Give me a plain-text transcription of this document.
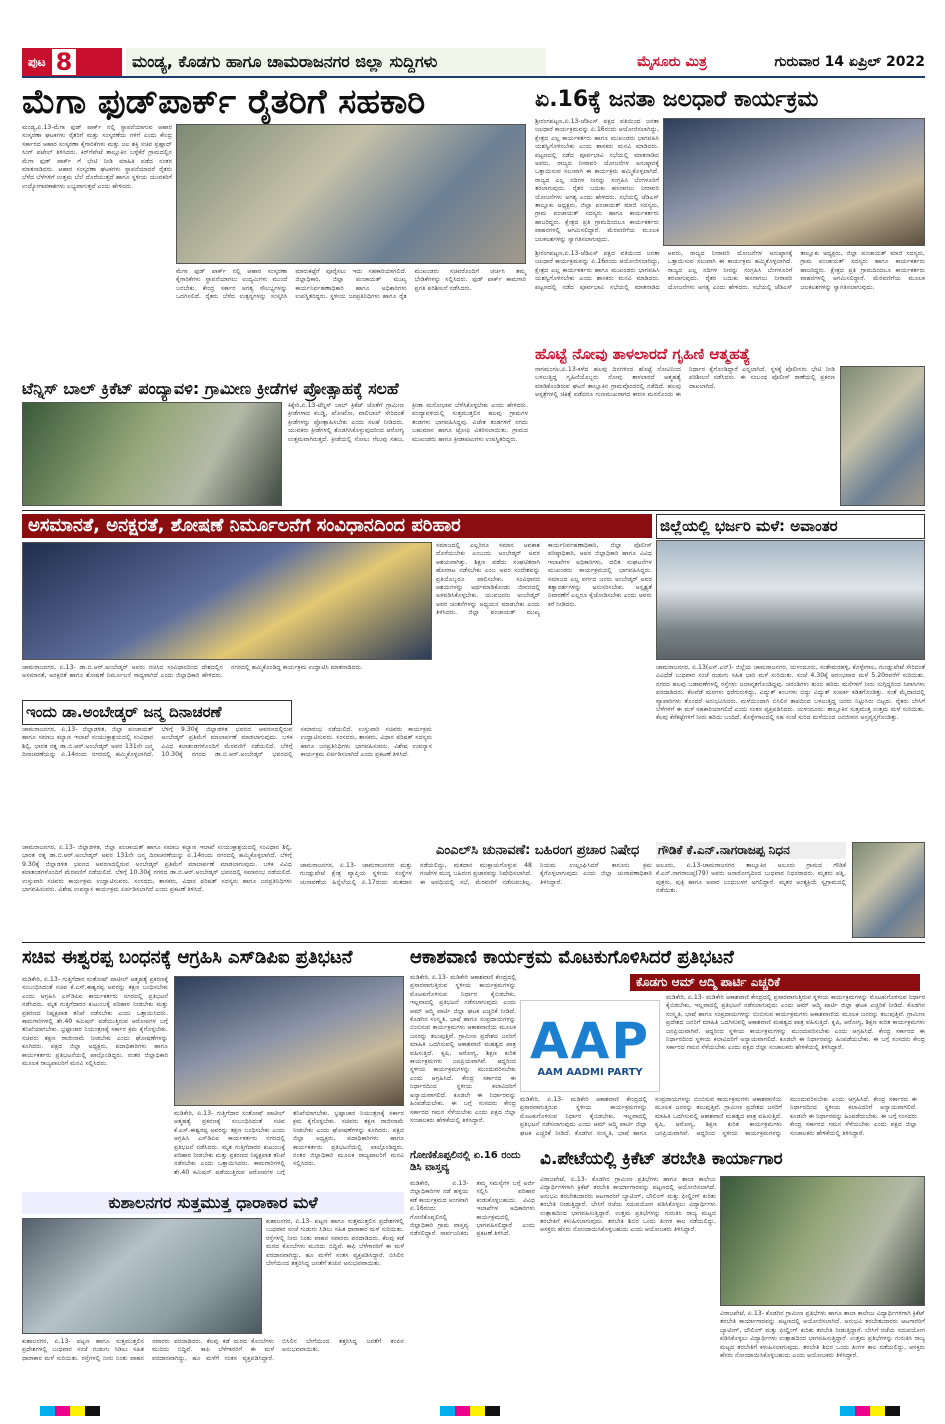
ಪುಟ 8	ಮಂಡ್ಯ, ಕೊಡಗು ಹಾಗೂ ಚಾಮರಾಜನಗರ ಜಿಲ್ಲಾ ಸುದ್ದಿಗಳು	ಮೈಸೂರು ಮಿತ್ರ	ಗುರುವಾರ 14 ಏಪ್ರಿಲ್ 2022
ಮೆಗಾ ಫುಡ್‌ಪಾರ್ಕ್ ರೈತರಿಗೆ ಸಹಕಾರಿ
ಮಂಡ್ಯ,ಏ.13-ಮೆಗಾ ಫುಡ್ ಪಾರ್ಕ್ ನಲ್ಲಿ ಸ್ಥಾಪನೆಯಾಗುವ ಆಹಾರ ಸಂಸ್ಕರಣಾ ಘಟಕಗಳು ರೈತರಿಗೆ ಮತ್ತು ಸಂಸ್ಕರಣೆಯ ಗಳಿಗೆ ಎಂದು ಕೇಂದ್ರ ಸರ್ಕಾರದ ಆಹಾರ ಸಂಸ್ಕರಣಾ ಕೈಗಾರಿಕೆಗಳು ಮತ್ತು ಜಲ ಶಕ್ತಿ ಸಚಿವ ಪ್ರಹ್ಲಾದ್ ಸಿಂಗ್ ಪಟೇಲ್ ತಿಳಿಸಿದರು. ಕಿರ್‌ಗೆಪೇಟೆ ತಾಲ್ಲೂಕಿನ ಬಳ್ಳೆಕೆರೆ ಗ್ರಾಮದಲ್ಲಿನ ಮೆಗಾ ಫುಡ್ ಪಾರ್ಕ್ ಗೆ ಭೇಟಿ ನೀಡಿ ಮಾಹಿತಿ ಪಡೆದ ನಂತರ ಮಾತನಾಡಿದರು. ಆಹಾರ ಸಂಸ್ಕರಣಾ ಘಟಕಗಳು ಸ್ಥಾಪನೆಯಾದರೆ ರೈತರು ಬೆಳೆದ ಬೆಳೆಗಳಿಗೆ ಉತ್ತಮ ಬೆಲೆ ದೊರೆಯುತ್ತದೆ ಹಾಗೂ ಸ್ಥಳೀಯ ಯುವಕರಿಗೆ ಉದ್ಯೋಗಾವಕಾಶಗಳು ಲಭ್ಯವಾಗುತ್ತವೆ ಎಂದು ಹೇಳಿದರು.
ಮೆಗಾ ಫುಡ್ ಪಾರ್ಕ್ ನಲ್ಲಿ ಆಹಾರ ಸಂಸ್ಕರಣಾ ಕೈಗಾರಿಕೆಗಳು ಸ್ಥಾಪನೆಯಾಗಲು ಉದ್ಯಮಿಗಳು ಮುಂದೆ ಬರಬೇಕು. ಕೇಂದ್ರ ಸರ್ಕಾರ ಅಗತ್ಯ ಸೌಲಭ್ಯಗಳನ್ನು ಒದಗಿಸಲಿದೆ. ರೈತರು ಬೆಳೆದ ಉತ್ಪನ್ನಗಳನ್ನು ಸಂಸ್ಕರಿಸಿ ಮಾರುಕಟ್ಟೆಗೆ ಪೂರೈಸಲು ಇದು ಸಹಕಾರಿಯಾಗಲಿದೆ. ಜಿಲ್ಲಾಧಿಕಾರಿ, ಜಿಲ್ಲಾ ಪಂಚಾಯತ್ ಮುಖ್ಯ ಕಾರ್ಯನಿರ್ವಹಣಾಧಿಕಾರಿ ಹಾಗೂ ಅಧಿಕಾರಿಗಳು ಉಪಸ್ಥಿತರಿದ್ದರು. ಸ್ಥಳೀಯ ಜನಪ್ರತಿನಿಧಿಗಳು ಹಾಗೂ ರೈತ ಮುಖಂಡರು ಸಚಿವರೊಂದಿಗೆ ಚರ್ಚಿಸಿ ತಮ್ಮ ಬೇಡಿಕೆಗಳನ್ನು ಸಲ್ಲಿಸಿದರು. ಫುಡ್ ಪಾರ್ಕ್ ಕಾಮಗಾರಿ ಪ್ರಗತಿ ಪರಿಶೀಲನೆ ನಡೆಸಿದರು.
ಏ.16ಕ್ಕೆ ಜನತಾ ಜಲಧಾರೆ ಕಾರ್ಯಕ್ರಮ
ಶ್ರೀರಂಗಪಟ್ಟಣ,ಏ.13-ಜೆಡಿಎಸ್ ಪಕ್ಷದ ವತಿಯಿಂದ ಜನತಾ ಜಲಧಾರೆ ಕಾರ್ಯಕ್ರಮವನ್ನು ಏ.16ರಂದು ಆಯೋಜಿಸಲಾಗಿದ್ದು, ಕ್ಷೇತ್ರದ ಎಲ್ಲ ಕಾರ್ಯಕರ್ತರು ಹಾಗೂ ಮುಖಂಡರು ಭಾಗವಹಿಸಿ ಯಶಸ್ವಿಗೊಳಿಸಬೇಕು ಎಂದು ಶಾಸಕರು ಮನವಿ ಮಾಡಿದರು. ಪಟ್ಟಣದಲ್ಲಿ ನಡೆದ ಪೂರ್ವಭಾವಿ ಸಭೆಯಲ್ಲಿ ಮಾತನಾಡಿದ ಅವರು, ರಾಜ್ಯದ ನೀರಾವರಿ ಯೋಜನೆಗಳ ಅನುಷ್ಠಾನಕ್ಕೆ ಒತ್ತಾಯಿಸುವ ಸಲುವಾಗಿ ಈ ಕಾರ್ಯಕ್ರಮ ಹಮ್ಮಿಕೊಳ್ಳಲಾಗಿದೆ. ರಾಜ್ಯದ ಎಲ್ಲ ನದಿಗಳ ನೀರನ್ನು ಸಂಗ್ರಹಿಸಿ ಬೆಂಗಳೂರಿಗೆ ತರಲಾಗುವುದು. ರೈತರ ಬದುಕು ಹಸನಾಗಲು ನೀರಾವರಿ ಯೋಜನೆಗಳು ಅಗತ್ಯ ಎಂದು ಹೇಳಿದರು. ಸಭೆಯಲ್ಲಿ ಜೆಡಿಎಸ್ ತಾಲ್ಲೂಕು ಅಧ್ಯಕ್ಷರು, ಜಿಲ್ಲಾ ಪಂಚಾಯತ್ ಮಾಜಿ ಸದಸ್ಯರು, ಗ್ರಾಮ ಪಂಚಾಯತ್ ಸದಸ್ಯರು ಹಾಗೂ ಕಾರ್ಯಕರ್ತರು ಹಾಜರಿದ್ದರು. ಕ್ಷೇತ್ರದ ಪ್ರತಿ ಗ್ರಾಮದಿಂದಲೂ ಕಾರ್ಯಕರ್ತರು ವಾಹನಗಳಲ್ಲಿ ಆಗಮಿಸಲಿದ್ದಾರೆ. ಮೆರವಣಿಗೆಯ ಮೂಲಕ ಜಲಕಲಶಗಳನ್ನು ಸ್ವಾಗತಿಸಲಾಗುವುದು.
ಶ್ರೀರಂಗಪಟ್ಟಣ,ಏ.13-ಜೆಡಿಎಸ್ ಪಕ್ಷದ ವತಿಯಿಂದ ಜನತಾ ಜಲಧಾರೆ ಕಾರ್ಯಕ್ರಮವನ್ನು ಏ.16ರಂದು ಆಯೋಜಿಸಲಾಗಿದ್ದು, ಕ್ಷೇತ್ರದ ಎಲ್ಲ ಕಾರ್ಯಕರ್ತರು ಹಾಗೂ ಮುಖಂಡರು ಭಾಗವಹಿಸಿ ಯಶಸ್ವಿಗೊಳಿಸಬೇಕು ಎಂದು ಶಾಸಕರು ಮನವಿ ಮಾಡಿದರು. ಪಟ್ಟಣದಲ್ಲಿ ನಡೆದ ಪೂರ್ವಭಾವಿ ಸಭೆಯಲ್ಲಿ ಮಾತನಾಡಿದ ಅವರು, ರಾಜ್ಯದ ನೀರಾವರಿ ಯೋಜನೆಗಳ ಅನುಷ್ಠಾನಕ್ಕೆ ಒತ್ತಾಯಿಸುವ ಸಲುವಾಗಿ ಈ ಕಾರ್ಯಕ್ರಮ ಹಮ್ಮಿಕೊಳ್ಳಲಾಗಿದೆ. ರಾಜ್ಯದ ಎಲ್ಲ ನದಿಗಳ ನೀರನ್ನು ಸಂಗ್ರಹಿಸಿ ಬೆಂಗಳೂರಿಗೆ ತರಲಾಗುವುದು. ರೈತರ ಬದುಕು ಹಸನಾಗಲು ನೀರಾವರಿ ಯೋಜನೆಗಳು ಅಗತ್ಯ ಎಂದು ಹೇಳಿದರು. ಸಭೆಯಲ್ಲಿ ಜೆಡಿಎಸ್ ತಾಲ್ಲೂಕು ಅಧ್ಯಕ್ಷರು, ಜಿಲ್ಲಾ ಪಂಚಾಯತ್ ಮಾಜಿ ಸದಸ್ಯರು, ಗ್ರಾಮ ಪಂಚಾಯತ್ ಸದಸ್ಯರು ಹಾಗೂ ಕಾರ್ಯಕರ್ತರು ಹಾಜರಿದ್ದರು. ಕ್ಷೇತ್ರದ ಪ್ರತಿ ಗ್ರಾಮದಿಂದಲೂ ಕಾರ್ಯಕರ್ತರು ವಾಹನಗಳಲ್ಲಿ ಆಗಮಿಸಲಿದ್ದಾರೆ. ಮೆರವಣಿಗೆಯ ಮೂಲಕ ಜಲಕಲಶಗಳನ್ನು ಸ್ವಾಗತಿಸಲಾಗುವುದು.
ಹೊಟ್ಟೆ ನೋವು ತಾಳಲಾರದೆ ಗೃಹಿಣಿ ಆತ್ಮಹತ್ಯೆ
ನಾಗಮಂಗಲ,ಏ.13-ಕಳೆದ ಹಲವು ದಿನಗಳಿಂದ ಹೊಟ್ಟೆ ನೋವಿನಿಂದ ಬಳಲುತ್ತಿದ್ದ ಗೃಹಿಣಿಯೊಬ್ಬರು ನೋವು ತಾಳಲಾರದೆ ಆತ್ಮಹತ್ಯೆ ಮಾಡಿಕೊಂಡಿರುವ ಘಟನೆ ತಾಲ್ಲೂಕಿನ ಗ್ರಾಮವೊಂದರಲ್ಲಿ ನಡೆದಿದೆ. ಹಲವು ಆಸ್ಪತ್ರೆಗಳಲ್ಲಿ ಚಿಕಿತ್ಸೆ ಪಡೆದರೂ ಗುಣಮುಖರಾಗದ ಕಾರಣ ಮನನೊಂದು ಈ ನಿರ್ಧಾರ ಕೈಗೊಂಡಿದ್ದಾರೆ ಎನ್ನಲಾಗಿದೆ. ಸ್ಥಳಕ್ಕೆ ಪೊಲೀಸರು ಭೇಟಿ ನೀಡಿ ಪರಿಶೀಲನೆ ನಡೆಸಿದರು. ಈ ಸಂಬಂಧ ಪೊಲೀಸ್ ಠಾಣೆಯಲ್ಲಿ ಪ್ರಕರಣ ದಾಖಲಾಗಿದೆ.
ಟೆನ್ನಿಸ್ ಬಾಲ್ ಕ್ರಿಕೆಟ್ ಪಂದ್ಯಾವಳಿ: ಗ್ರಾಮೀಣ ಕ್ರೀಡೆಗಳ ಪ್ರೋತ್ಸಾಹಕ್ಕೆ ಸಲಹೆ
ಕಿಕ್ಕೇರಿ,ಏ.13-ಟೆನ್ನಿಸ್ ಬಾಲ್ ಕ್ರಿಕೆಟ್ ಜೊತೆಗೆ ಗ್ರಾಮೀಣ ಕ್ರೀಡೆಗಳಾದ ಕಬಡ್ಡಿ, ಖೋಖೋ, ವಾಲಿಬಾಲ್ ಸೇರಿದಂತೆ ಕ್ರೀಡೆಗಳನ್ನು ಪ್ರೋತ್ಸಾಹಿಸಬೇಕು ಎಂದು ಸಲಹೆ ನೀಡಿದರು. ಯುವಕರು ಕ್ರೀಡೆಗಳಲ್ಲಿ ತೊಡಗಿಸಿಕೊಳ್ಳುವುದರಿಂದ ಆರೋಗ್ಯ ಉತ್ತಮವಾಗಿರುತ್ತದೆ. ಕ್ರೀಡೆಯಲ್ಲಿ ಸೋಲು ಗೆಲುವು ಸಹಜ, ಕ್ರೀಡಾ ಮನೋಭಾವ ಬೆಳೆಸಿಕೊಳ್ಳಬೇಕು ಎಂದು ಹೇಳಿದರು. ಪಂದ್ಯಾವಳಿಯಲ್ಲಿ ಸುತ್ತಮುತ್ತಲಿನ ಹಲವು ಗ್ರಾಮಗಳ ತಂಡಗಳು ಭಾಗವಹಿಸಿದ್ದವು. ವಿಜೇತ ತಂಡಗಳಿಗೆ ನಗದು ಬಹುಮಾನ ಹಾಗೂ ಟ್ರೋಫಿ ವಿತರಿಸಲಾಯಿತು. ಗ್ರಾಮದ ಮುಖಂಡರು ಹಾಗೂ ಕ್ರೀಡಾಪಟುಗಳು ಉಪಸ್ಥಿತರಿದ್ದರು.
ಅಸಮಾನತೆ, ಅನಕ್ಷರತೆ, ಶೋಷಣೆ ನಿರ್ಮೂಲನೆಗೆ ಸಂವಿಧಾನದಿಂದ ಪರಿಹಾರ
ಚಾಮರಾಜನಗರ, ಏ.13- ಡಾ.ಬಿ.ಆರ್.ಅಂಬೇಡ್ಕರ್ ಅವರು ರಚಿಸಿದ ಸಂವಿಧಾನದಿಂದ ದೇಶದಲ್ಲಿನ ಅಸಮಾನತೆ, ಅನಕ್ಷರತೆ ಹಾಗೂ ಶೋಷಣೆ ನಿರ್ಮೂಲನೆ ಸಾಧ್ಯವಾಗಿದೆ ಎಂದು ಜಿಲ್ಲಾಧಿಕಾರಿ ಹೇಳಿದರು. ನಗರದಲ್ಲಿ ಹಮ್ಮಿಕೊಂಡಿದ್ದ ಕಾರ್ಯಕ್ರಮ ಉದ್ಘಾಟಿಸಿ ಮಾತನಾಡಿದರು.
ಸಮಾಜದಲ್ಲಿ ಎಲ್ಲರಿಗೂ ಸಮಾನ ಅವಕಾಶ ದೊರೆಯಬೇಕು ಎಂಬುದು ಅಂಬೇಡ್ಕರ್ ಅವರ ಆಶಯವಾಗಿತ್ತು. ಶಿಕ್ಷಣ ಪಡೆದು ಸಂಘಟಿತರಾಗಿ ಹೋರಾಟ ನಡೆಸಬೇಕು ಎಂಬ ಅವರ ಸಂದೇಶವನ್ನು ಪ್ರತಿಯೊಬ್ಬರೂ ಪಾಲಿಸಬೇಕು. ಸಂವಿಧಾನದ ಆಶಯಗಳನ್ನು ಅರ್ಥಮಾಡಿಕೊಂಡು ಜೀವನದಲ್ಲಿ ಅಳವಡಿಸಿಕೊಳ್ಳಬೇಕು. ಯುವಜನರು ಅಂಬೇಡ್ಕರ್ ಅವರ ಚಿಂತನೆಗಳನ್ನು ಅಧ್ಯಯನ ಮಾಡಬೇಕು ಎಂದು ತಿಳಿಸಿದರು. ಜಿಲ್ಲಾ ಪಂಚಾಯತ್ ಮುಖ್ಯ ಕಾರ್ಯನಿರ್ವಹಣಾಧಿಕಾರಿ, ಜಿಲ್ಲಾ ಪೊಲೀಸ್ ವರಿಷ್ಠಾಧಿಕಾರಿ, ಅಪರ ಜಿಲ್ಲಾಧಿಕಾರಿ ಹಾಗೂ ವಿವಿಧ ಇಲಾಖೆಗಳ ಅಧಿಕಾರಿಗಳು, ದಲಿತ ಸಂಘಟನೆಗಳ ಮುಖಂಡರು ಕಾರ್ಯಕ್ರಮದಲ್ಲಿ ಭಾಗವಹಿಸಿದ್ದರು. ಸಮಾಜದ ಎಲ್ಲ ವರ್ಗದ ಜನರು ಅಂಬೇಡ್ಕರ್ ಅವರ ತತ್ವಾದರ್ಶಗಳನ್ನು ಅನುಸರಿಸಬೇಕು. ಅಸ್ಪೃಶ್ಯತೆ ನಿವಾರಣೆಗೆ ಎಲ್ಲರೂ ಕೈಜೋಡಿಸಬೇಕು ಎಂದು ಅವರು ಕರೆ ನೀಡಿದರು.
ಇಂದು ಡಾ.ಅಂಬೇಡ್ಕರ್ ಜನ್ಮ ದಿನಾಚರಣೆ
ಚಾಮರಾಜನಗರ, ಏ.13- ಜಿಲ್ಲಾಡಳಿತ, ಜಿಲ್ಲಾ ಪಂಚಾಯತ್ ಹಾಗೂ ಸಮಾಜ ಕಲ್ಯಾಣ ಇಲಾಖೆ ಸಂಯುಕ್ತಾಶ್ರಯದಲ್ಲಿ ಸಂವಿಧಾನ ಶಿಲ್ಪಿ, ಭಾರತ ರತ್ನ ಡಾ.ಬಿ.ಆರ್.ಅಂಬೇಡ್ಕರ್ ಅವರ 131ನೇ ಜನ್ಮ ದಿನಾಚರಣೆಯನ್ನು ಏ.14ರಂದು ನಗರದಲ್ಲಿ ಹಮ್ಮಿಕೊಳ್ಳಲಾಗಿದೆ. ಬೆಳಿಗ್ಗೆ 9.30ಕ್ಕೆ ಜಿಲ್ಲಾಡಳಿತ ಭವನದ ಆವರಣದಲ್ಲಿರುವ ಅಂಬೇಡ್ಕರ್ ಪ್ರತಿಮೆಗೆ ಮಾಲಾರ್ಪಣೆ ಮಾಡಲಾಗುವುದು. ಬಳಿಕ ವಿವಿಧ ಕಲಾತಂಡಗಳೊಂದಿಗೆ ಮೆರವಣಿಗೆ ನಡೆಯಲಿದೆ. ಬೆಳಿಗ್ಗೆ 10.30ಕ್ಕೆ ನಗರದ ಡಾ.ಬಿ.ಆರ್.ಅಂಬೇಡ್ಕರ್ ಭವನದಲ್ಲಿ ಸಮಾರಂಭ ನಡೆಯಲಿದೆ. ಉಸ್ತುವಾರಿ ಸಚಿವರು ಕಾರ್ಯಕ್ರಮ ಉದ್ಘಾಟಿಸುವರು. ಸಂಸದರು, ಶಾಸಕರು, ವಿಧಾನ ಪರಿಷತ್ ಸದಸ್ಯರು ಹಾಗೂ ಜನಪ್ರತಿನಿಧಿಗಳು ಭಾಗವಹಿಸುವರು. ವಿಶೇಷ ಉಪನ್ಯಾಸ ಕಾರ್ಯಕ್ರಮ ಏರ್ಪಡಿಸಲಾಗಿದೆ ಎಂದು ಪ್ರಕಟಣೆ ತಿಳಿಸಿದೆ.
ಎಂಎಲ್‌ಸಿ ಚುನಾವಣೆ: ಬಹಿರಂಗ ಪ್ರಚಾರ ನಿಷೇಧ
ಚಾಮರಾಜನಗರ, ಏ.13- ಚಾಮರಾಜನಗರ ಮತ್ತು ಗುಂಡ್ಲುಪೇಟೆ ಕ್ಷೇತ್ರ ವ್ಯಾಪ್ತಿಯ ಸ್ಥಳೀಯ ಸಂಸ್ಥೆಗಳ ಚುನಾವಣೆಯ ಹಿನ್ನೆಲೆಯಲ್ಲಿ ಏ.17ರಂದು ಮತದಾನ ನಡೆಯಲಿದ್ದು, ಮತದಾನ ಮುಕ್ತಾಯಗೊಳ್ಳುವ 48 ಗಂಟೆಗಳ ಮುನ್ನ ಬಹಿರಂಗ ಪ್ರಚಾರವನ್ನು ನಿಷೇಧಿಸಲಾಗಿದೆ. ಈ ಅವಧಿಯಲ್ಲಿ ಸಭೆ, ಮೆರವಣಿಗೆ ನಡೆಸುವಂತಿಲ್ಲ. ನಿಯಮ ಉಲ್ಲಂಘಿಸಿದರೆ ಕಾನೂನು ಕ್ರಮ ಕೈಗೊಳ್ಳಲಾಗುವುದು ಎಂದು ಜಿಲ್ಲಾ ಚುನಾವಣಾಧಿಕಾರಿ ತಿಳಿಸಿದ್ದಾರೆ.
ಚಾಮರಾಜನಗರ, ಏ.13- ಜಿಲ್ಲಾಡಳಿತ, ಜಿಲ್ಲಾ ಪಂಚಾಯತ್ ಹಾಗೂ ಸಮಾಜ ಕಲ್ಯಾಣ ಇಲಾಖೆ ಸಂಯುಕ್ತಾಶ್ರಯದಲ್ಲಿ ಸಂವಿಧಾನ ಶಿಲ್ಪಿ, ಭಾರತ ರತ್ನ ಡಾ.ಬಿ.ಆರ್.ಅಂಬೇಡ್ಕರ್ ಅವರ 131ನೇ ಜನ್ಮ ದಿನಾಚರಣೆಯನ್ನು ಏ.14ರಂದು ನಗರದಲ್ಲಿ ಹಮ್ಮಿಕೊಳ್ಳಲಾಗಿದೆ. ಬೆಳಿಗ್ಗೆ 9.30ಕ್ಕೆ ಜಿಲ್ಲಾಡಳಿತ ಭವನದ ಆವರಣದಲ್ಲಿರುವ ಅಂಬೇಡ್ಕರ್ ಪ್ರತಿಮೆಗೆ ಮಾಲಾರ್ಪಣೆ ಮಾಡಲಾಗುವುದು. ಬಳಿಕ ವಿವಿಧ ಕಲಾತಂಡಗಳೊಂದಿಗೆ ಮೆರವಣಿಗೆ ನಡೆಯಲಿದೆ. ಬೆಳಿಗ್ಗೆ 10.30ಕ್ಕೆ ನಗರದ ಡಾ.ಬಿ.ಆರ್.ಅಂಬೇಡ್ಕರ್ ಭವನದಲ್ಲಿ ಸಮಾರಂಭ ನಡೆಯಲಿದೆ. ಉಸ್ತುವಾರಿ ಸಚಿವರು ಕಾರ್ಯಕ್ರಮ ಉದ್ಘಾಟಿಸುವರು. ಸಂಸದರು, ಶಾಸಕರು, ವಿಧಾನ ಪರಿಷತ್ ಸದಸ್ಯರು ಹಾಗೂ ಜನಪ್ರತಿನಿಧಿಗಳು ಭಾಗವಹಿಸುವರು. ವಿಶೇಷ ಉಪನ್ಯಾಸ ಕಾರ್ಯಕ್ರಮ ಏರ್ಪಡಿಸಲಾಗಿದೆ ಎಂದು ಪ್ರಕಟಣೆ ತಿಳಿಸಿದೆ.
ಜಿಲ್ಲೆಯಲ್ಲಿ ಭರ್ಜರಿ ಮಳೆ: ಅವಾಂತರ
ಚಾಮರಾಜನಗರ, ಏ.13(ಎಸ್.ಎನ್)- ಜಿಲ್ಲೆಯ ಚಾಮರಾಜನಗರ, ಯಳಂದೂರು, ಸಂತೇಮರಹಳ್ಳಿ, ಕೊಳ್ಳೇಗಾಲ, ಗುಂಡ್ಲುಪೇಟೆ ಸೇರಿದಂತೆ ವಿವಿಧೆಡೆ ಬುಧವಾರ ಸಂಜೆ ಗುಡುಗು ಸಹಿತ ಭಾರಿ ಮಳೆ ಸುರಿಯಿತು. ಸಂಜೆ 4.30ಕ್ಕೆ ಆರಂಭವಾದ ಮಳೆ 5.20ರವರೆಗೆ ಸುರಿಯಿತು. ನಗರದ ಹಲವು ಬಡಾವಣೆಗಳಲ್ಲಿ ರಸ್ತೆಗಳು ಜಲಾವೃತಗೊಂಡಿದ್ದವು. ಚರಂಡಿಗಳು ತುಂಬಿ ಹರಿದು ಮನೆಗಳಿಗೆ ನೀರು ನುಗ್ಗಿದ್ದರಿಂದ ನಿವಾಸಿಗಳು ಪರದಾಡಿದರು. ಕೆಲವೆಡೆ ಮರಗಳು ಧರೆಗುರುಳಿದ್ದು, ವಿದ್ಯುತ್ ಕಂಬಗಳು ಬಿದ್ದು ವಿದ್ಯುತ್ ಸಂಪರ್ಕ ಕಡಿತಗೊಂಡಿತ್ತು. ಸಂತೆ ಮೈದಾನದಲ್ಲಿ ವ್ಯಾಪಾರಿಗಳು ತೊಂದರೆ ಅನುಭವಿಸಿದರು. ಮಳೆಯಿಂದಾಗಿ ಬಿಸಿಲಿನ ತಾಪದಿಂದ ಬಳಲುತ್ತಿದ್ದ ಜನರು ನಿಟ್ಟುಸಿರು ಬಿಟ್ಟರು. ರೈತರು ಬೇಸಿಗೆ ಬೆಳೆಗಳಿಗೆ ಈ ಮಳೆ ಸಹಕಾರಿಯಾಗಲಿದೆ ಎಂದು ಸಂತಸ ವ್ಯಕ್ತಪಡಿಸಿದರು. ಯಳಂದೂರು: ತಾಲ್ಲೂಕಿನ ಸುತ್ತಮುತ್ತ ಉತ್ತಮ ಮಳೆ ಸುರಿಯಿತು. ಕೆಲವು ಕೆರೆಕಟ್ಟೆಗಳಿಗೆ ನೀರು ಹರಿದು ಬಂದಿದೆ. ಕೊಳ್ಳೇಗಾಲದಲ್ಲಿ ಸಹ ಸಂಜೆ ಸುರಿದ ಮಳೆಯಿಂದ ಜನಜೀವನ ಅಸ್ತವ್ಯಸ್ತಗೊಂಡಿತ್ತು.
ಗೌಡಿಕೆ ಕೆ.ಎನ್.ನಾಗರಾಜಪ್ಪ ನಿಧನ
ಅಲೂರು, ಏ.13-ಚಾಮರಾಜನಗರ ತಾಲ್ಲೂಕಿನ ಅಲೂರು ಗ್ರಾಮದ ಗೌಡಿಕೆ ಕೆ.ಎನ್.ನಾಗರಾಜಪ್ಪ(79) ಅವರು ಅನಾರೋಗ್ಯದಿಂದ ಬುಧವಾರ ನಿಧನರಾದರು. ಮೃತರು ಪತ್ನಿ, ಪುತ್ರರು, ಪುತ್ರಿ ಹಾಗೂ ಅಪಾರ ಬಂಧುಬಳಗ ಅಗಲಿದ್ದಾರೆ. ಮೃತರ ಅಂತ್ಯಕ್ರಿಯೆ ಸ್ವಗ್ರಾಮದಲ್ಲಿ ನಡೆಯಿತು.
ಸಚಿವ ಈಶ್ವರಪ್ಪ ಬಂಧನಕ್ಕೆ ಆಗ್ರಹಿಸಿ ಎಸ್‌ಡಿಪಿಐ ಪ್ರತಿಭಟನೆ
ಮಡಿಕೇರಿ, ಏ.13- ಗುತ್ತಿಗೆದಾರ ಸಂತೋಷ್ ಪಾಟೀಲ್ ಆತ್ಮಹತ್ಯೆ ಪ್ರಕರಣಕ್ಕೆ ಸಂಬಂಧಿಸಿದಂತೆ ಸಚಿವ ಕೆ.ಎಸ್.ಈಶ್ವರಪ್ಪ ಅವರನ್ನು ತಕ್ಷಣ ಬಂಧಿಸಬೇಕು ಎಂದು ಆಗ್ರಹಿಸಿ ಎಸ್‌ಡಿಪಿಐ ಕಾರ್ಯಕರ್ತರು ನಗರದಲ್ಲಿ ಪ್ರತಿಭಟನೆ ನಡೆಸಿದರು. ಮೃತ ಗುತ್ತಿಗೆದಾರರ ಕುಟುಂಬಕ್ಕೆ ಪರಿಹಾರ ನೀಡಬೇಕು ಮತ್ತು ಪ್ರಕರಣದ ನಿಷ್ಪಕ್ಷಪಾತ ತನಿಖೆ ನಡೆಸಬೇಕು ಎಂದು ಒತ್ತಾಯಿಸಿದರು. ಕಾಮಗಾರಿಗಳಲ್ಲಿ ಶೇ.40 ಕಮಿಷನ್ ಪಡೆಯುತ್ತಿರುವ ಆರೋಪಗಳ ಬಗ್ಗೆ ತನಿಖೆಯಾಗಬೇಕು. ಭ್ರಷ್ಟಾಚಾರ ನಿಯಂತ್ರಣಕ್ಕೆ ಸರ್ಕಾರ ಕ್ರಮ ಕೈಗೊಳ್ಳಬೇಕು. ಸಚಿವರು ತಕ್ಷಣ ರಾಜೀನಾಮೆ ನೀಡಬೇಕು ಎಂದು ಘೋಷಣೆಗಳನ್ನು ಕೂಗಿದರು. ಪಕ್ಷದ ಜಿಲ್ಲಾ ಅಧ್ಯಕ್ಷರು, ಪದಾಧಿಕಾರಿಗಳು ಹಾಗೂ ಕಾರ್ಯಕರ್ತರು ಪ್ರತಿಭಟನೆಯಲ್ಲಿ ಪಾಲ್ಗೊಂಡಿದ್ದರು. ನಂತರ ಜಿಲ್ಲಾಧಿಕಾರಿ ಮೂಲಕ ರಾಜ್ಯಪಾಲರಿಗೆ ಮನವಿ ಸಲ್ಲಿಸಿದರು.
ಮಡಿಕೇರಿ, ಏ.13- ಗುತ್ತಿಗೆದಾರ ಸಂತೋಷ್ ಪಾಟೀಲ್ ಆತ್ಮಹತ್ಯೆ ಪ್ರಕರಣಕ್ಕೆ ಸಂಬಂಧಿಸಿದಂತೆ ಸಚಿವ ಕೆ.ಎಸ್.ಈಶ್ವರಪ್ಪ ಅವರನ್ನು ತಕ್ಷಣ ಬಂಧಿಸಬೇಕು ಎಂದು ಆಗ್ರಹಿಸಿ ಎಸ್‌ಡಿಪಿಐ ಕಾರ್ಯಕರ್ತರು ನಗರದಲ್ಲಿ ಪ್ರತಿಭಟನೆ ನಡೆಸಿದರು. ಮೃತ ಗುತ್ತಿಗೆದಾರರ ಕುಟುಂಬಕ್ಕೆ ಪರಿಹಾರ ನೀಡಬೇಕು ಮತ್ತು ಪ್ರಕರಣದ ನಿಷ್ಪಕ್ಷಪಾತ ತನಿಖೆ ನಡೆಸಬೇಕು ಎಂದು ಒತ್ತಾಯಿಸಿದರು. ಕಾಮಗಾರಿಗಳಲ್ಲಿ ಶೇ.40 ಕಮಿಷನ್ ಪಡೆಯುತ್ತಿರುವ ಆರೋಪಗಳ ಬಗ್ಗೆ ತನಿಖೆಯಾಗಬೇಕು. ಭ್ರಷ್ಟಾಚಾರ ನಿಯಂತ್ರಣಕ್ಕೆ ಸರ್ಕಾರ ಕ್ರಮ ಕೈಗೊಳ್ಳಬೇಕು. ಸಚಿವರು ತಕ್ಷಣ ರಾಜೀನಾಮೆ ನೀಡಬೇಕು ಎಂದು ಘೋಷಣೆಗಳನ್ನು ಕೂಗಿದರು. ಪಕ್ಷದ ಜಿಲ್ಲಾ ಅಧ್ಯಕ್ಷರು, ಪದಾಧಿಕಾರಿಗಳು ಹಾಗೂ ಕಾರ್ಯಕರ್ತರು ಪ್ರತಿಭಟನೆಯಲ್ಲಿ ಪಾಲ್ಗೊಂಡಿದ್ದರು. ನಂತರ ಜಿಲ್ಲಾಧಿಕಾರಿ ಮೂಲಕ ರಾಜ್ಯಪಾಲರಿಗೆ ಮನವಿ ಸಲ್ಲಿಸಿದರು.
ಆಕಾಶವಾಣಿ ಕಾರ್ಯಕ್ರಮ ಮೊಟಕುಗೊಳಿಸಿದರೆ ಪ್ರತಿಭಟನೆ
ಕೊಡಗು ಆಮ್ ಆದ್ಮಿ ಪಾರ್ಟಿ ಎಚ್ಚರಿಕೆ
AAP
AAM AADMI PARTY
ಮಡಿಕೇರಿ, ಏ.13- ಮಡಿಕೇರಿ ಆಕಾಶವಾಣಿ ಕೇಂದ್ರದಲ್ಲಿ ಪ್ರಸಾರವಾಗುತ್ತಿರುವ ಸ್ಥಳೀಯ ಕಾರ್ಯಕ್ರಮಗಳನ್ನು ಮೊಟಕುಗೊಳಿಸುವ ನಿರ್ಧಾರ ಕೈಬಿಡಬೇಕು, ಇಲ್ಲವಾದಲ್ಲಿ ಪ್ರತಿಭಟನೆ ನಡೆಸಲಾಗುವುದು ಎಂದು ಆಮ್ ಆದ್ಮಿ ಪಾರ್ಟಿ ಜಿಲ್ಲಾ ಘಟಕ ಎಚ್ಚರಿಕೆ ನೀಡಿದೆ. ಕೊಡಗಿನ ಸಂಸ್ಕೃತಿ, ಭಾಷೆ ಹಾಗೂ ಸಂಪ್ರದಾಯಗಳನ್ನು ಬಿಂಬಿಸುವ ಕಾರ್ಯಕ್ರಮಗಳು ಆಕಾಶವಾಣಿಯ ಮೂಲಕ ಜನರನ್ನು ತಲುಪುತ್ತಿವೆ. ಗ್ರಾಮೀಣ ಪ್ರದೇಶದ ಜನರಿಗೆ ಮಾಹಿತಿ ಒದಗಿಸುವಲ್ಲಿ ಆಕಾಶವಾಣಿ ಮಹತ್ವದ ಪಾತ್ರ ವಹಿಸುತ್ತಿದೆ. ಕೃಷಿ, ಆರೋಗ್ಯ, ಶಿಕ್ಷಣ ಕುರಿತ ಕಾರ್ಯಕ್ರಮಗಳು ಜನಪ್ರಿಯವಾಗಿವೆ. ಆದ್ದರಿಂದ ಸ್ಥಳೀಯ ಕಾರ್ಯಕ್ರಮಗಳನ್ನು ಮುಂದುವರಿಸಬೇಕು ಎಂದು ಆಗ್ರಹಿಸಿದೆ. ಕೇಂದ್ರ ಸರ್ಕಾರದ ಈ ನಿರ್ಧಾರದಿಂದ ಸ್ಥಳೀಯ ಕಲಾವಿದರಿಗೆ ಅನ್ಯಾಯವಾಗಲಿದೆ. ಕೂಡಲೇ ಈ ನಿರ್ಧಾರವನ್ನು ಹಿಂಪಡೆಯಬೇಕು. ಈ ಬಗ್ಗೆ ಸಂಸದರು ಕೇಂದ್ರ ಸರ್ಕಾರದ ಗಮನ ಸೆಳೆಯಬೇಕು ಎಂದು ಪಕ್ಷದ ಜಿಲ್ಲಾ ಸಂಚಾಲಕರು ಹೇಳಿಕೆಯಲ್ಲಿ ತಿಳಿಸಿದ್ದಾರೆ.
ಮಡಿಕೇರಿ, ಏ.13- ಮಡಿಕೇರಿ ಆಕಾಶವಾಣಿ ಕೇಂದ್ರದಲ್ಲಿ ಪ್ರಸಾರವಾಗುತ್ತಿರುವ ಸ್ಥಳೀಯ ಕಾರ್ಯಕ್ರಮಗಳನ್ನು ಮೊಟಕುಗೊಳಿಸುವ ನಿರ್ಧಾರ ಕೈಬಿಡಬೇಕು, ಇಲ್ಲವಾದಲ್ಲಿ ಪ್ರತಿಭಟನೆ ನಡೆಸಲಾಗುವುದು ಎಂದು ಆಮ್ ಆದ್ಮಿ ಪಾರ್ಟಿ ಜಿಲ್ಲಾ ಘಟಕ ಎಚ್ಚರಿಕೆ ನೀಡಿದೆ. ಕೊಡಗಿನ ಸಂಸ್ಕೃತಿ, ಭಾಷೆ ಹಾಗೂ ಸಂಪ್ರದಾಯಗಳನ್ನು ಬಿಂಬಿಸುವ ಕಾರ್ಯಕ್ರಮಗಳು ಆಕಾಶವಾಣಿಯ ಮೂಲಕ ಜನರನ್ನು ತಲುಪುತ್ತಿವೆ. ಗ್ರಾಮೀಣ ಪ್ರದೇಶದ ಜನರಿಗೆ ಮಾಹಿತಿ ಒದಗಿಸುವಲ್ಲಿ ಆಕಾಶವಾಣಿ ಮಹತ್ವದ ಪಾತ್ರ ವಹಿಸುತ್ತಿದೆ. ಕೃಷಿ, ಆರೋಗ್ಯ, ಶಿಕ್ಷಣ ಕುರಿತ ಕಾರ್ಯಕ್ರಮಗಳು ಜನಪ್ರಿಯವಾಗಿವೆ. ಆದ್ದರಿಂದ ಸ್ಥಳೀಯ ಕಾರ್ಯಕ್ರಮಗಳನ್ನು ಮುಂದುವರಿಸಬೇಕು ಎಂದು ಆಗ್ರಹಿಸಿದೆ. ಕೇಂದ್ರ ಸರ್ಕಾರದ ಈ ನಿರ್ಧಾರದಿಂದ ಸ್ಥಳೀಯ ಕಲಾವಿದರಿಗೆ ಅನ್ಯಾಯವಾಗಲಿದೆ. ಕೂಡಲೇ ಈ ನಿರ್ಧಾರವನ್ನು ಹಿಂಪಡೆಯಬೇಕು. ಈ ಬಗ್ಗೆ ಸಂಸದರು ಕೇಂದ್ರ ಸರ್ಕಾರದ ಗಮನ ಸೆಳೆಯಬೇಕು ಎಂದು ಪಕ್ಷದ ಜಿಲ್ಲಾ ಸಂಚಾಲಕರು ಹೇಳಿಕೆಯಲ್ಲಿ ತಿಳಿಸಿದ್ದಾರೆ.
ಮಡಿಕೇರಿ, ಏ.13- ಮಡಿಕೇರಿ ಆಕಾಶವಾಣಿ ಕೇಂದ್ರದಲ್ಲಿ ಪ್ರಸಾರವಾಗುತ್ತಿರುವ ಸ್ಥಳೀಯ ಕಾರ್ಯಕ್ರಮಗಳನ್ನು ಮೊಟಕುಗೊಳಿಸುವ ನಿರ್ಧಾರ ಕೈಬಿಡಬೇಕು, ಇಲ್ಲವಾದಲ್ಲಿ ಪ್ರತಿಭಟನೆ ನಡೆಸಲಾಗುವುದು ಎಂದು ಆಮ್ ಆದ್ಮಿ ಪಾರ್ಟಿ ಜಿಲ್ಲಾ ಘಟಕ ಎಚ್ಚರಿಕೆ ನೀಡಿದೆ. ಕೊಡಗಿನ ಸಂಸ್ಕೃತಿ, ಭಾಷೆ ಹಾಗೂ ಸಂಪ್ರದಾಯಗಳನ್ನು ಬಿಂಬಿಸುವ ಕಾರ್ಯಕ್ರಮಗಳು ಆಕಾಶವಾಣಿಯ ಮೂಲಕ ಜನರನ್ನು ತಲುಪುತ್ತಿವೆ. ಗ್ರಾಮೀಣ ಪ್ರದೇಶದ ಜನರಿಗೆ ಮಾಹಿತಿ ಒದಗಿಸುವಲ್ಲಿ ಆಕಾಶವಾಣಿ ಮಹತ್ವದ ಪಾತ್ರ ವಹಿಸುತ್ತಿದೆ. ಕೃಷಿ, ಆರೋಗ್ಯ, ಶಿಕ್ಷಣ ಕುರಿತ ಕಾರ್ಯಕ್ರಮಗಳು ಜನಪ್ರಿಯವಾಗಿವೆ. ಆದ್ದರಿಂದ ಸ್ಥಳೀಯ ಕಾರ್ಯಕ್ರಮಗಳನ್ನು ಮುಂದುವರಿಸಬೇಕು ಎಂದು ಆಗ್ರಹಿಸಿದೆ. ಕೇಂದ್ರ ಸರ್ಕಾರದ ಈ ನಿರ್ಧಾರದಿಂದ ಸ್ಥಳೀಯ ಕಲಾವಿದರಿಗೆ ಅನ್ಯಾಯವಾಗಲಿದೆ. ಕೂಡಲೇ ಈ ನಿರ್ಧಾರವನ್ನು ಹಿಂಪಡೆಯಬೇಕು. ಈ ಬಗ್ಗೆ ಸಂಸದರು ಕೇಂದ್ರ ಸರ್ಕಾರದ ಗಮನ ಸೆಳೆಯಬೇಕು ಎಂದು ಪಕ್ಷದ ಜಿಲ್ಲಾ ಸಂಚಾಲಕರು ಹೇಳಿಕೆಯಲ್ಲಿ ತಿಳಿಸಿದ್ದಾರೆ.
ಗೋಣಿಕೊಪ್ಪಲಿನಲ್ಲಿ ಏ.16 ರಂದು ಡಿಸಿ ವಾಸ್ತವ್ಯ
ಮಡಿಕೇರಿ, ಏ.13- ಜಿಲ್ಲಾಧಿಕಾರಿಗಳ ನಡೆ ಹಳ್ಳಿಯ ಕಡೆ ಕಾರ್ಯಕ್ರಮದ ಅಂಗವಾಗಿ ಏ.16ರಂದು ಗೋಣಿಕೊಪ್ಪಲಿನಲ್ಲಿ ಜಿಲ್ಲಾಧಿಕಾರಿ ಗ್ರಾಮ ವಾಸ್ತವ್ಯ ನಡೆಸಲಿದ್ದಾರೆ. ಸಾರ್ವಜನಿಕರು ತಮ್ಮ ಸಮಸ್ಯೆಗಳ ಬಗ್ಗೆ ಅರ್ಜಿ ಸಲ್ಲಿಸಿ ಪರಿಹಾರ ಕಂಡುಕೊಳ್ಳಬಹುದು. ವಿವಿಧ ಇಲಾಖೆಗಳ ಅಧಿಕಾರಿಗಳು ಕಾರ್ಯಕ್ರಮದಲ್ಲಿ ಭಾಗವಹಿಸಲಿದ್ದಾರೆ ಎಂದು ಪ್ರಕಟಣೆ ತಿಳಿಸಿದೆ.
ವಿ.ಪೇಟೆಯಲ್ಲಿ ಕ್ರಿಕೆಟ್ ತರಬೇತಿ ಕಾರ್ಯಾಗಾರ
ವಿರಾಜಪೇಟೆ, ಏ.13- ಕೊಡಗಿನ ಗ್ರಾಮೀಣ ಪ್ರತಿಭೆಗಳು ಹಾಗೂ ಶಾಲಾ ಕಾಲೇಜು ವಿದ್ಯಾರ್ಥಿಗಳಿಗಾಗಿ ಕ್ರಿಕೆಟ್ ತರಬೇತಿ ಕಾರ್ಯಾಗಾರವನ್ನು ಪಟ್ಟಣದಲ್ಲಿ ಆಯೋಜಿಸಲಾಗಿದೆ. ಅನುಭವಿ ತರಬೇತುದಾರರು ಆಟಗಾರರಿಗೆ ಬ್ಯಾಟಿಂಗ್, ಬೌಲಿಂಗ್ ಮತ್ತು ಫೀಲ್ಡಿಂಗ್ ಕುರಿತು ತರಬೇತಿ ನೀಡುತ್ತಿದ್ದಾರೆ. ಬೇಸಿಗೆ ರಜೆಯ ಸದುಪಯೋಗ ಪಡಿಸಿಕೊಳ್ಳಲು ವಿದ್ಯಾರ್ಥಿಗಳು ಉತ್ಸಾಹದಿಂದ ಭಾಗವಹಿಸುತ್ತಿದ್ದಾರೆ. ಉತ್ತಮ ಪ್ರತಿಭೆಗಳನ್ನು ಗುರುತಿಸಿ ರಾಜ್ಯ ಮಟ್ಟದ ತರಬೇತಿಗೆ ಕಳುಹಿಸಲಾಗುವುದು. ತರಬೇತಿ ಶಿಬಿರ ಒಂದು ತಿಂಗಳ ಕಾಲ ನಡೆಯಲಿದ್ದು, ಆಸಕ್ತರು ಹೆಸರು ನೋಂದಾಯಿಸಿಕೊಳ್ಳಬಹುದು ಎಂದು ಆಯೋಜಕರು ತಿಳಿಸಿದ್ದಾರೆ.
ವಿರಾಜಪೇಟೆ, ಏ.13- ಕೊಡಗಿನ ಗ್ರಾಮೀಣ ಪ್ರತಿಭೆಗಳು ಹಾಗೂ ಶಾಲಾ ಕಾಲೇಜು ವಿದ್ಯಾರ್ಥಿಗಳಿಗಾಗಿ ಕ್ರಿಕೆಟ್ ತರಬೇತಿ ಕಾರ್ಯಾಗಾರವನ್ನು ಪಟ್ಟಣದಲ್ಲಿ ಆಯೋಜಿಸಲಾಗಿದೆ. ಅನುಭವಿ ತರಬೇತುದಾರರು ಆಟಗಾರರಿಗೆ ಬ್ಯಾಟಿಂಗ್, ಬೌಲಿಂಗ್ ಮತ್ತು ಫೀಲ್ಡಿಂಗ್ ಕುರಿತು ತರಬೇತಿ ನೀಡುತ್ತಿದ್ದಾರೆ. ಬೇಸಿಗೆ ರಜೆಯ ಸದುಪಯೋಗ ಪಡಿಸಿಕೊಳ್ಳಲು ವಿದ್ಯಾರ್ಥಿಗಳು ಉತ್ಸಾಹದಿಂದ ಭಾಗವಹಿಸುತ್ತಿದ್ದಾರೆ. ಉತ್ತಮ ಪ್ರತಿಭೆಗಳನ್ನು ಗುರುತಿಸಿ ರಾಜ್ಯ ಮಟ್ಟದ ತರಬೇತಿಗೆ ಕಳುಹಿಸಲಾಗುವುದು. ತರಬೇತಿ ಶಿಬಿರ ಒಂದು ತಿಂಗಳ ಕಾಲ ನಡೆಯಲಿದ್ದು, ಆಸಕ್ತರು ಹೆಸರು ನೋಂದಾಯಿಸಿಕೊಳ್ಳಬಹುದು ಎಂದು ಆಯೋಜಕರು ತಿಳಿಸಿದ್ದಾರೆ.
ಕುಶಾಲನಗರ ಸುತ್ತಮುತ್ತ ಧಾರಾಕಾರ ಮಳೆ
ಕುಶಾಲನಗರ, ಏ.13- ಪಟ್ಟಣ ಹಾಗೂ ಸುತ್ತಮುತ್ತಲಿನ ಪ್ರದೇಶಗಳಲ್ಲಿ ಬುಧವಾರ ಸಂಜೆ ಗುಡುಗು ಸಿಡಿಲು ಸಹಿತ ಧಾರಾಕಾರ ಮಳೆ ಸುರಿಯಿತು. ರಸ್ತೆಗಳಲ್ಲಿ ನೀರು ನಿಂತು ವಾಹನ ಸವಾರರು ಪರದಾಡಿದರು. ಕೆಲವು ಕಡೆ ಮರದ ಕೊಂಬೆಗಳು ಮುರಿದು ಬಿದ್ದಿವೆ. ಕಾಫಿ ಬೆಳೆಗಾರರಿಗೆ ಈ ಮಳೆ ವರದಾನವಾಗಿದ್ದು, ಹೂ ಮಳೆಗೆ ಸಂತಸ ವ್ಯಕ್ತಪಡಿಸಿದ್ದಾರೆ. ಬಿಸಿಲಿನ ಬೇಗೆಯಿಂದ ತತ್ತರಿಸಿದ್ದ ಜನತೆಗೆ ತಂಪಿನ ಅನುಭವವಾಯಿತು.
ಕುಶಾಲನಗರ, ಏ.13- ಪಟ್ಟಣ ಹಾಗೂ ಸುತ್ತಮುತ್ತಲಿನ ಪ್ರದೇಶಗಳಲ್ಲಿ ಬುಧವಾರ ಸಂಜೆ ಗುಡುಗು ಸಿಡಿಲು ಸಹಿತ ಧಾರಾಕಾರ ಮಳೆ ಸುರಿಯಿತು. ರಸ್ತೆಗಳಲ್ಲಿ ನೀರು ನಿಂತು ವಾಹನ ಸವಾರರು ಪರದಾಡಿದರು. ಕೆಲವು ಕಡೆ ಮರದ ಕೊಂಬೆಗಳು ಮುರಿದು ಬಿದ್ದಿವೆ. ಕಾಫಿ ಬೆಳೆಗಾರರಿಗೆ ಈ ಮಳೆ ವರದಾನವಾಗಿದ್ದು, ಹೂ ಮಳೆಗೆ ಸಂತಸ ವ್ಯಕ್ತಪಡಿಸಿದ್ದಾರೆ. ಬಿಸಿಲಿನ ಬೇಗೆಯಿಂದ ತತ್ತರಿಸಿದ್ದ ಜನತೆಗೆ ತಂಪಿನ ಅನುಭವವಾಯಿತು.
